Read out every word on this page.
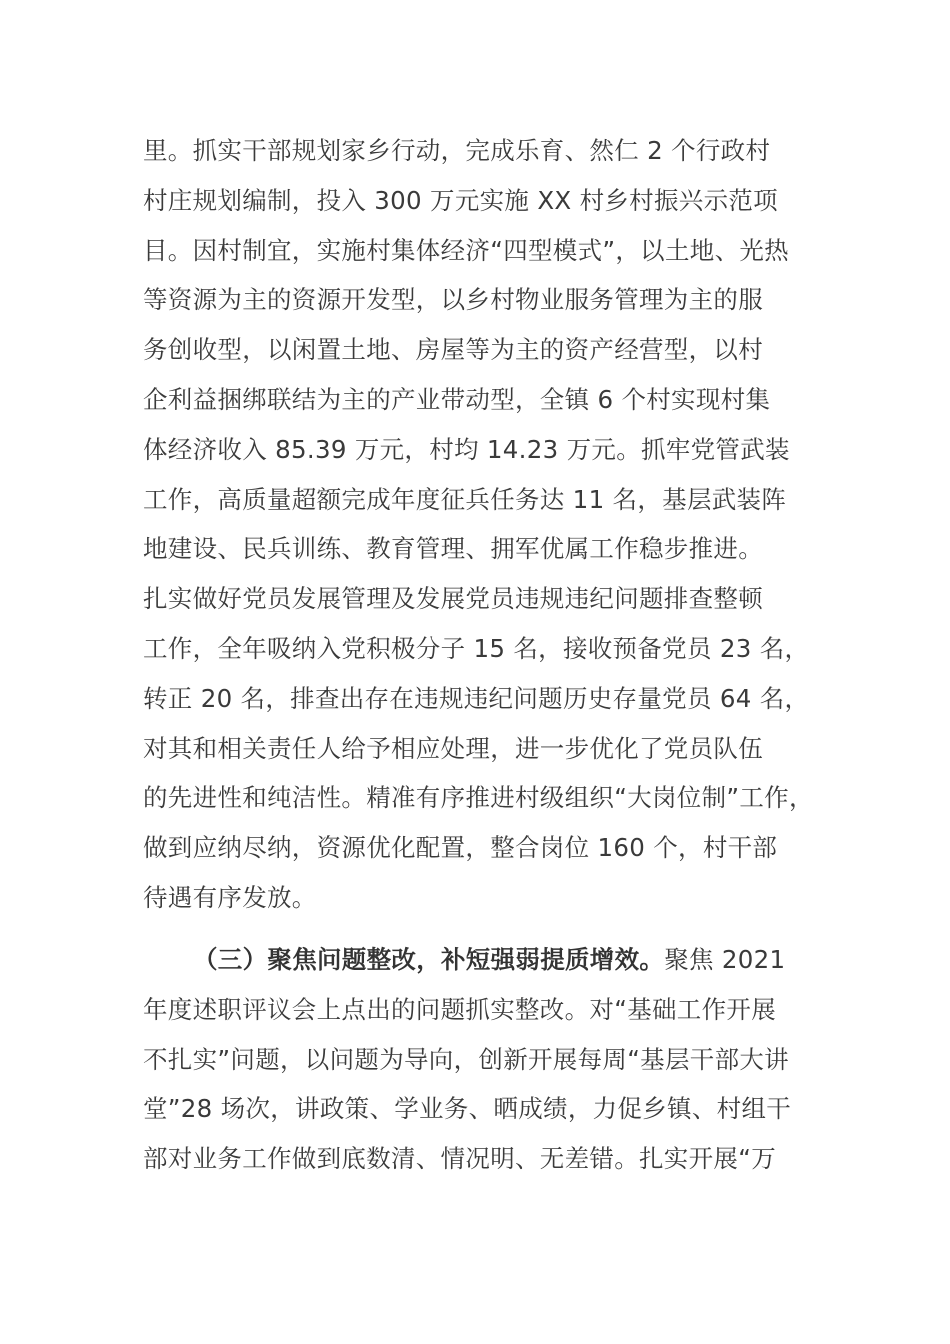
里。抓实干部规划家乡行动，完成乐育、然仁 2 个行政村
村庄规划编制，投入 300 万元实施 XX 村乡村振兴示范项
目。因村制宜，实施村集体经济“四型模式”，以土地、光热
等资源为主的资源开发型，以乡村物业服务管理为主的服
务创收型，以闲置土地、房屋等为主的资产经营型，以村
企利益捆绑联结为主的产业带动型，全镇 6 个村实现村集
体经济收入 85.39 万元，村均 14.23 万元。抓牢党管武装
工作，高质量超额完成年度征兵任务达 11 名，基层武装阵
地建设、民兵训练、教育管理、拥军优属工作稳步推进。
扎实做好党员发展管理及发展党员违规违纪问题排查整顿
工作，全年吸纳入党积极分子 15 名，接收预备党员 23 名，
转正 20 名，排查出存在违规违纪问题历史存量党员 64 名，
对其和相关责任人给予相应处理，进一步优化了党员队伍
的先进性和纯洁性。精准有序推进村级组织“大岗位制”工作，
做到应纳尽纳，资源优化配置，整合岗位 160 个，村干部
待遇有序发放。
（三）聚焦问题整改，补短强弱提质增效。聚焦 2021
年度述职评议会上点出的问题抓实整改。对“基础工作开展
不扎实”问题，以问题为导向，创新开展每周“基层干部大讲
堂”28 场次，讲政策、学业务、晒成绩，力促乡镇、村组干
部对业务工作做到底数清、情况明、无差错。扎实开展“万
